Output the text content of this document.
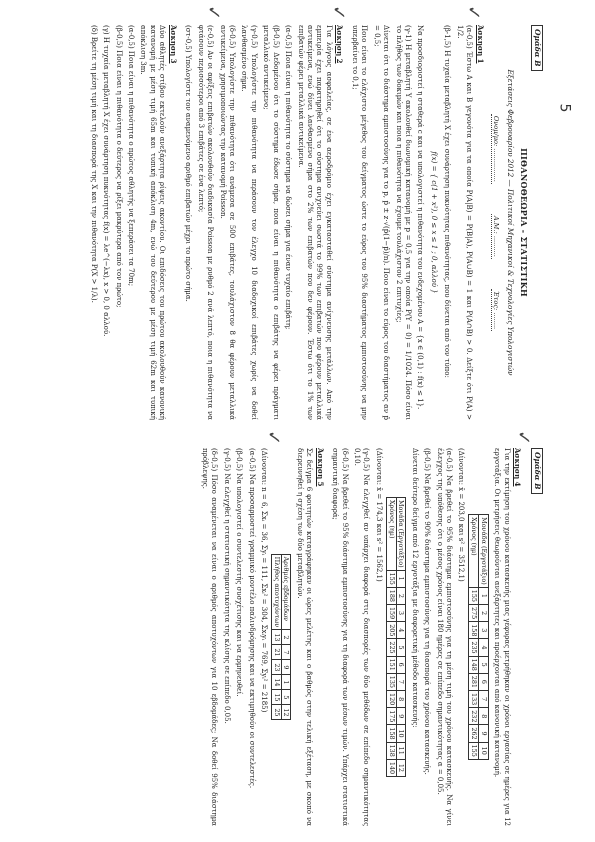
5
Ομάδα Β
ΠΙΘΑΝΟΘΕΩΡΙΑ - ΣΤΑΤΙΣΤΙΚΗ
Εξετάσεις Φεβρουαρίου 2012 — Πολιτικοί Μηχανικοί & Τεχνολογίες Υπολογιστών
Ονομ/μο: ................
Α.Μ.: ..........
Έτος: ........
Άσκηση 1

(α-0,5) Έστω Α και Β γεγονότα για τα οποία P(A|B) = P(B|A), P(A∪B) = 1 και P(A∩B) > 0. Δείξτε ότι P(A) > 1/2.

(β-1,5) Η τυχαία μεταβλητή Χ έχει συνάρτηση πυκνότητας πιθανότητας, που δίνεται από τον τύπο:

f(x) = { c(1 + x²), 0 ≤ x ≤ 1 ; 0, αλλού }

Να προσδιοριστεί η σταθερά c και να υπολογιστεί η πιθανότητα του ενδεχομένου Α = {x ∈ (0,1) : f(x) ≤ 1}.

(γ-1) Η μεταβλητή Υ ακολουθεί διωνυμική κατανομή με p = 0,5 για την οποία P(Υ = 0) = 1/1024. Πόσο είναι το πλήθος των δοκιμών και ποια η πιθανότητα να έχουμε τουλάχιστον 2 επιτυχίες;

Δίνεται ότι το διάστημα εμπιστοσύνης για το p, p̂ ± z·√(p̂(1−p̂)/n). Ποιο είναι το εύρος του διαστήματος αν p̂ = 0,5;

Ποιο είναι το ελάχιστο μέγεθος του δείγματος ώστε το εύρος του 95% διαστήματος εμπιστοσύνης να μην υπερβαίνει το 0,1;

Άσκηση 2

Για λόγους ασφαλείας, σε ένα αεροδρόμιο έχει εγκατασταθεί σύστημα ανίχνευσης μετάλλων. Από την εμπειρία έχει παρατηρηθεί ότι το σύστημα ανιχνεύει σωστά το 99% των επιβατών που φέρουν μεταλλικά αντικείμενα, ενώ δίνει λανθασμένο σήμα στο 2% των επιβατών που δεν φέρουν. Έστω ότι το 1% των επιβατών φέρει μεταλλικά αντικείμενα.

(α-0,5) Ποια είναι η πιθανότητα το σύστημα να δώσει σήμα για έναν τυχαίο επιβάτη;

(β-0,5) Δεδομένου ότι το σύστημα έδωσε σήμα, ποια είναι η πιθανότητα ο επιβάτης να φέρει πράγματι μεταλλικό αντικείμενο;

(γ-0,5) Υπολογίστε την πιθανότητα να περάσουν τον έλεγχο 10 διαδοχικοί επιβάτες χωρίς να δοθεί λανθασμένο σήμα.

(δ-0,5) Υπολογίστε την πιθανότητα ότι ανάμεσα σε 500 επιβάτες, τουλάχιστον 8 θα φέρουν μεταλλικά αντικείμενα, χρησιμοποιώντας την κατανομή Poisson.

(ε-0,5) Αν οι αφίξεις επιβατών ακολουθούν διαδικασία Poisson με ρυθμό 2 ανά λεπτό, ποια η πιθανότητα να φτάσουν περισσότεροι από 3 επιβάτες σε ένα λεπτό;

(στ-0,5) Υπολογίστε τον αναμενόμενο αριθμό επιβατών μέχρι το πρώτο σήμα.

Άσκηση 3

Δύο αθλητές στίβου εκτελούν ανεξάρτητα ρίψεις ακοντίου. Οι επιδόσεις του πρώτου ακολουθούν κανονική κατανομή με μέση τιμή 65m και τυπική απόκλιση 4m, ενώ του δεύτερου με μέση τιμή 62m και τυπική απόκλιση 3m.

(α-0,5) Ποια είναι η πιθανότητα ο πρώτος αθλητής να ξεπεράσει τα 70m;

(β-0,5) Ποια είναι η πιθανότητα ο δεύτερος να ρίξει μακρύτερα από τον πρώτο;

(γ) Η τυχαία μεταβλητή Χ έχει συνάρτηση πυκνότητας f(x) = λe^(−λx), x > 0, 0 αλλού.

(δ) Βρείτε τη μέση τιμή και τη διασπορά της Χ και την πιθανότητα P(X > 1/λ).

✓
✓
✓
✓
✓
Ομάδα Β
Άσκηση 4

Για την εκτίμηση του χρόνου κατασκευής μιας γέφυρας μετρήθηκαν οι χρόνοι εργασίας σε ημέρες για 12 εργοτάξια. Οι μετρήσεις θεωρούνται ανεξάρτητες και προέρχονται από κανονική κατανομή.

Μονάδα (Εργοτάξιο)	1	2	3	4	5	6	7	8	9	10
Χρόνος (ημ)	155	275	158	235	148	281	133	232	262	155

(Δίνονται: x̄ = 203,0 και s² = 3512,1)

(α-0,5) Να βρεθεί το 95% διάστημα εμπιστοσύνης για τη μέση τιμή του χρόνου κατασκευής. Να γίνει έλεγχος της υπόθεσης ότι ο μέσος χρόνος είναι 180 ημέρες σε επίπεδο σημαντικότητας α = 0,05.

(β-0,5) Να βρεθεί το 90% διάστημα εμπιστοσύνης για τη διασπορά του χρόνου κατασκευής.

Δίνεται δεύτερο δείγμα από 12 εργοτάξια με διαφορετική μέθοδο κατασκευής:

Μονάδα (Εργοτάξιο)	1	2	3	4	5	6	7	8	9	10	11	12
Χρόνος (ημ)	155	188	159	205	225	151	135	120	175	158	138	140

(Δίνονται: x̄ = 174,3 και s² = 1562,1)

(γ-0,5) Να ελεγχθεί αν υπάρχει διαφορά στις διασπορές των δύο μεθόδων σε επίπεδο σημαντικότητας 0,10.

(δ-0,5) Να βρεθεί το 95% διάστημα εμπιστοσύνης για τη διαφορά των μέσων τιμών. Υπάρχει στατιστικά σημαντική διαφορά;

Άσκηση 5

Σε δείγμα 6 φοιτητών καταγράφηκαν οι ώρες μελέτης και ο βαθμός στην τελική εξέταση, με σκοπό να διερευνηθεί η σχέση των δύο μεταβλητών.

Αριθμός εβδομάδων	2	7	9	1	5	12
Πλήθος αποτυχόντων	13	21	23	14	15	25

(Δίνονται: n = 6, Σxᵢ = 36, Σyᵢ = 111, Σxᵢ² = 304, Σxᵢyᵢ = 769, Σyᵢ² = 2185)

(α-0,5) Να προσαρμοστεί γραμμικό μοντέλο παλινδρόμησης και να εκτιμηθούν οι συντελεστές.

(β-0,5) Να υπολογιστεί ο συντελεστής συσχέτισης και να ερμηνευθεί.

(γ-0,5) Να ελεγχθεί η στατιστική σημαντικότητα της κλίσης σε επίπεδο 0,05.

(δ-0,5) Πόσο αναμένεται να είναι ο αριθμός αποτυχόντων για 10 εβδομάδες; Να δοθεί 95% διάστημα πρόβλεψης.
